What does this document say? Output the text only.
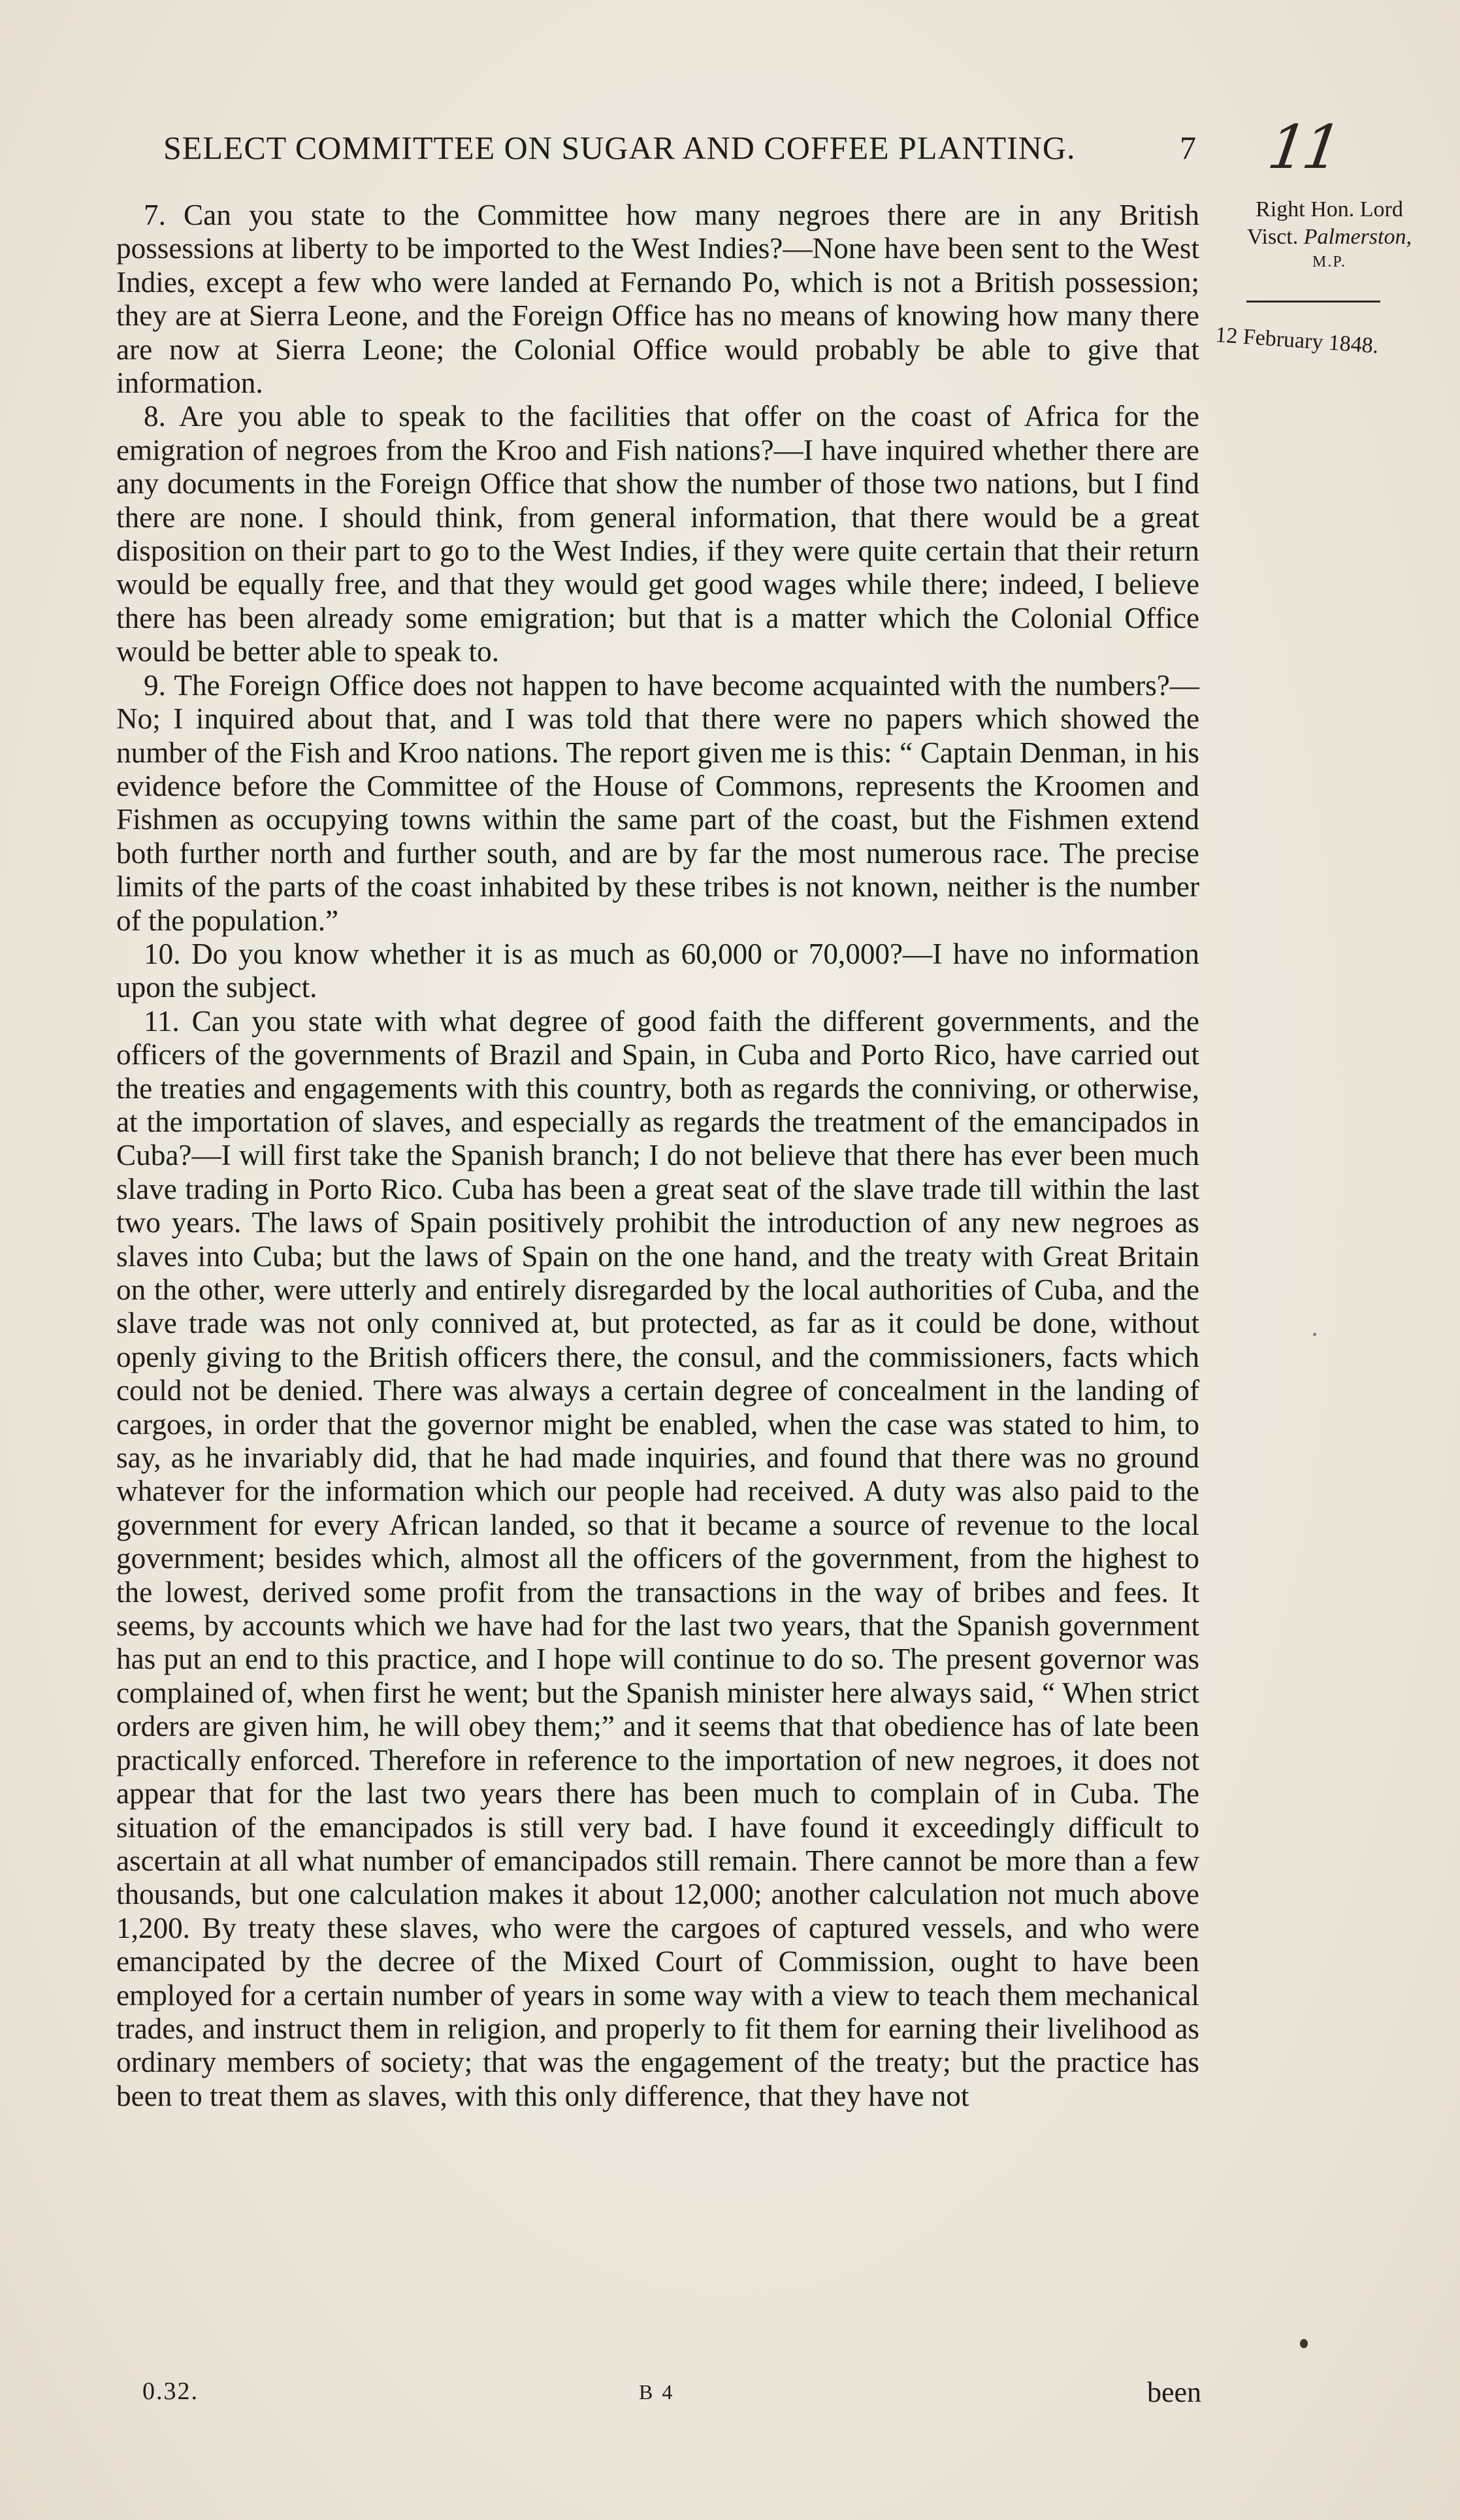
SELECT COMMITTEE ON SUGAR AND COFFEE PLANTING.	7 11
Right Hon. Lord
Visct. Palmerston,
M.P.
12 February 1848.

7. Can you state to the Committee how many negroes there are in any British possessions at liberty to be imported to the West Indies?—None have been sent to the West Indies, except a few who were landed at Fernando Po, which is not a British possession; they are at Sierra Leone, and the Foreign Office has no means of knowing how many there are now at Sierra Leone; the Colonial Office would probably be able to give that information.

8. Are you able to speak to the facilities that offer on the coast of Africa for the emigration of negroes from the Kroo and Fish nations?—I have inquired whether there are any documents in the Foreign Office that show the number of those two nations, but I find there are none. I should think, from general information, that there would be a great disposition on their part to go to the West Indies, if they were quite certain that their return would be equally free, and that they would get good wages while there; indeed, I believe there has been already some emigration; but that is a matter which the Colonial Office would be better able to speak to.

9. The Foreign Office does not happen to have become acquainted with the numbers?—No; I inquired about that, and I was told that there were no papers which showed the number of the Fish and Kroo nations. The report given me is this: “ Captain Denman, in his evidence before the Committee of the House of Commons, represents the Kroomen and Fishmen as occupying towns within the same part of the coast, but the Fishmen extend both further north and further south, and are by far the most numerous race. The precise limits of the parts of the coast inhabited by these tribes is not known, neither is the number of the population.”

10. Do you know whether it is as much as 60,000 or 70,000?—I have no information upon the subject.

11. Can you state with what degree of good faith the different governments, and the officers of the governments of Brazil and Spain, in Cuba and Porto Rico, have carried out the treaties and engagements with this country, both as regards the conniving, or otherwise, at the importation of slaves, and especially as regards the treatment of the emancipados in Cuba?—I will first take the Spanish branch; I do not believe that there has ever been much slave trading in Porto Rico. Cuba has been a great seat of the slave trade till within the last two years. The laws of Spain positively prohibit the introduction of any new negroes as slaves into Cuba; but the laws of Spain on the one hand, and the treaty with Great Britain on the other, were utterly and entirely disregarded by the local authorities of Cuba, and the slave trade was not only connived at, but protected, as far as it could be done, without openly giving to the British officers there, the consul, and the commissioners, facts which could not be denied. There was always a certain degree of concealment in the landing of cargoes, in order that the governor might be enabled, when the case was stated to him, to say, as he invariably did, that he had made inquiries, and found that there was no ground whatever for the information which our people had received. A duty was also paid to the government for every African landed, so that it became a source of revenue to the local government; besides which, almost all the officers of the government, from the highest to the lowest, derived some profit from the transactions in the way of bribes and fees. It seems, by accounts which we have had for the last two years, that the Spanish government has put an end to this practice, and I hope will continue to do so. The present governor was complained of, when first he went; but the Spanish minister here always said, “ When strict orders are given him, he will obey them;” and it seems that that obedience has of late been practically enforced. Therefore in reference to the importation of new negroes, it does not appear that for the last two years there has been much to complain of in Cuba. The situation of the emancipados is still very bad. I have found it exceedingly difficult to ascertain at all what number of emancipados still remain. There cannot be more than a few thousands, but one calculation makes it about 12,000; another calculation not much above 1,200. By treaty these slaves, who were the cargoes of captured vessels, and who were emancipated by the decree of the Mixed Court of Commission, ought to have been employed for a certain number of years in some way with a view to teach them mechanical trades, and instruct them in religion, and properly to fit them for earning their livelihood as ordinary members of society; that was the engagement of the treaty; but the practice has been to treat them as slaves, with this only difference, that they have not

0.32.	B 4	been
